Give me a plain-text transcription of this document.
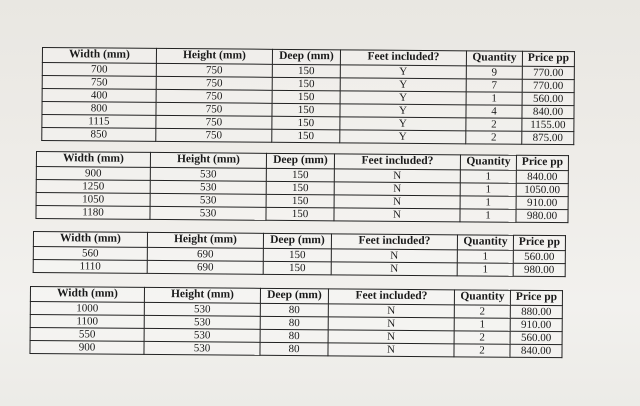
Width (mm)	Height (mm)	Deep (mm)	Feet included?	Quantity	Price pp
700	750	150	Y	9	770.00
750	750	150	Y	7	770.00
400	750	150	Y	1	560.00
800	750	150	Y	4	840.00
1115	750	150	Y	2	1155.00
850	750	150	Y	2	875.00
Width (mm)	Height (mm)	Deep (mm)	Feet included?	Quantity	Price pp
900	530	150	N	1	840.00
1250	530	150	N	1	1050.00
1050	530	150	N	1	910.00
1180	530	150	N	1	980.00
Width (mm)	Height (mm)	Deep (mm)	Feet included?	Quantity	Price pp
560	690	150	N	1	560.00
1110	690	150	N	1	980.00
Width (mm)	Height (mm)	Deep (mm)	Feet included?	Quantity	Price pp
1000	530	80	N	2	880.00
1100	530	80	N	1	910.00
550	530	80	N	2	560.00
900	530	80	N	2	840.00
